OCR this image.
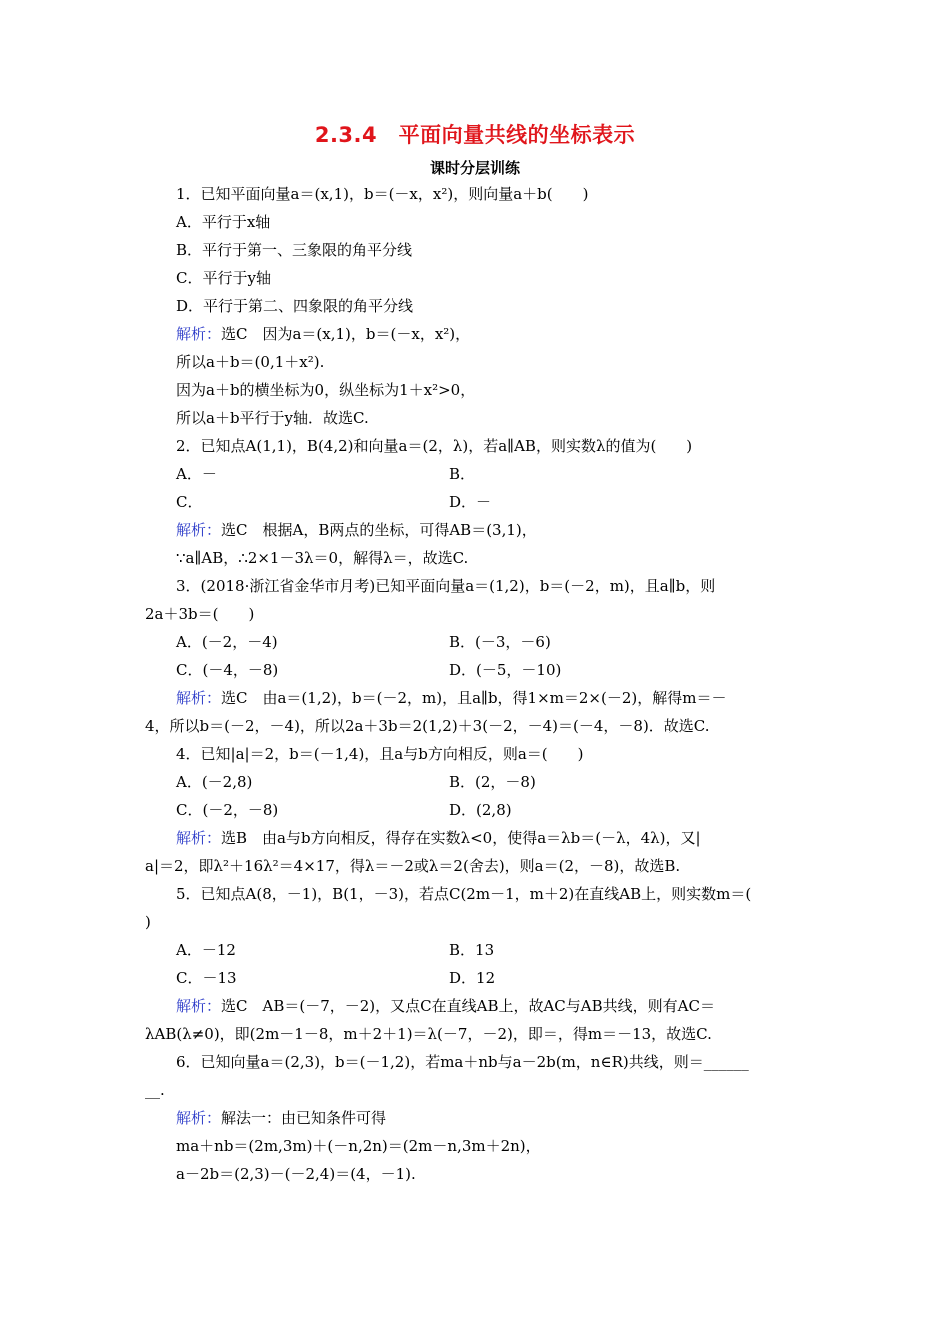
2.3.4　平面向量共线的坐标表示
课时分层训练
1．已知平面向量a＝(x,1)，b＝(－x，x²)，则向量a＋b(　　)
A．平行于x轴
B．平行于第一、三象限的角平分线
C．平行于y轴
D．平行于第二、四象限的角平分线
解析：选C　因为a＝(x,1)，b＝(－x，x²)，
所以a＋b＝(0,1＋x²).
因为a＋b的横坐标为0，纵坐标为1＋x²>0，
所以a＋b平行于y轴．故选C.
2．已知点A(1,1)，B(4,2)和向量a＝(2，λ)，若a∥AB，则实数λ的值为(　　)
A．－
C．
解析：选C　根据A，B两点的坐标，可得AB＝(3,1)，
∵a∥AB，∴2×1－3λ＝0，解得λ＝，故选C.
3．(2018·浙江省金华市月考)已知平面向量a＝(1,2)，b＝(－2，m)，且a∥b，则
2a＋3b＝(　　)
A．(－2，－4)
C．(－4，－8)
解析：选C　由a＝(1,2)，b＝(－2，m)，且a∥b，得1×m＝2×(－2)，解得m＝－
4，所以b＝(－2，－4)，所以2a＋3b＝2(1,2)＋3(－2，－4)＝(－4，－8)．故选C.
4．已知|a|＝2，b＝(－1,4)，且a与b方向相反，则a＝(　　)
A．(－2,8)
C．(－2，－8)
解析：选B　由a与b方向相反，得存在实数λ<0，使得a＝λb＝(－λ，4λ)，又|
a|＝2，即λ²＋16λ²＝4×17，得λ＝－2或λ＝2(舍去)，则a＝(2，－8)，故选B.
5．已知点A(8，－1)，B(1，－3)，若点C(2m－1，m＋2)在直线AB上，则实数m＝(
)
A．－12
C．－13
解析：选C　AB＝(－7，－2)，又点C在直线AB上，故AC与AB共线，则有AC＝
λAB(λ≠0)，即(2m－1－8，m＋2＋1)＝λ(－7，－2)，即＝，得m＝－13，故选C.
6．已知向量a＝(2,3)，b＝(－1,2)，若ma＋nb与a－2b(m，n∈R)共线，则＝______
__.
解析：解法一：由已知条件可得
ma＋nb＝(2m,3m)＋(－n,2n)＝(2m－n,3m＋2n)，
a－2b＝(2,3)－(－2,4)＝(4，－1).
B．
D．－
B．(－3，－6)
D．(－5，－10)
B．(2，－8)
D．(2,8)
B．13
D．12
